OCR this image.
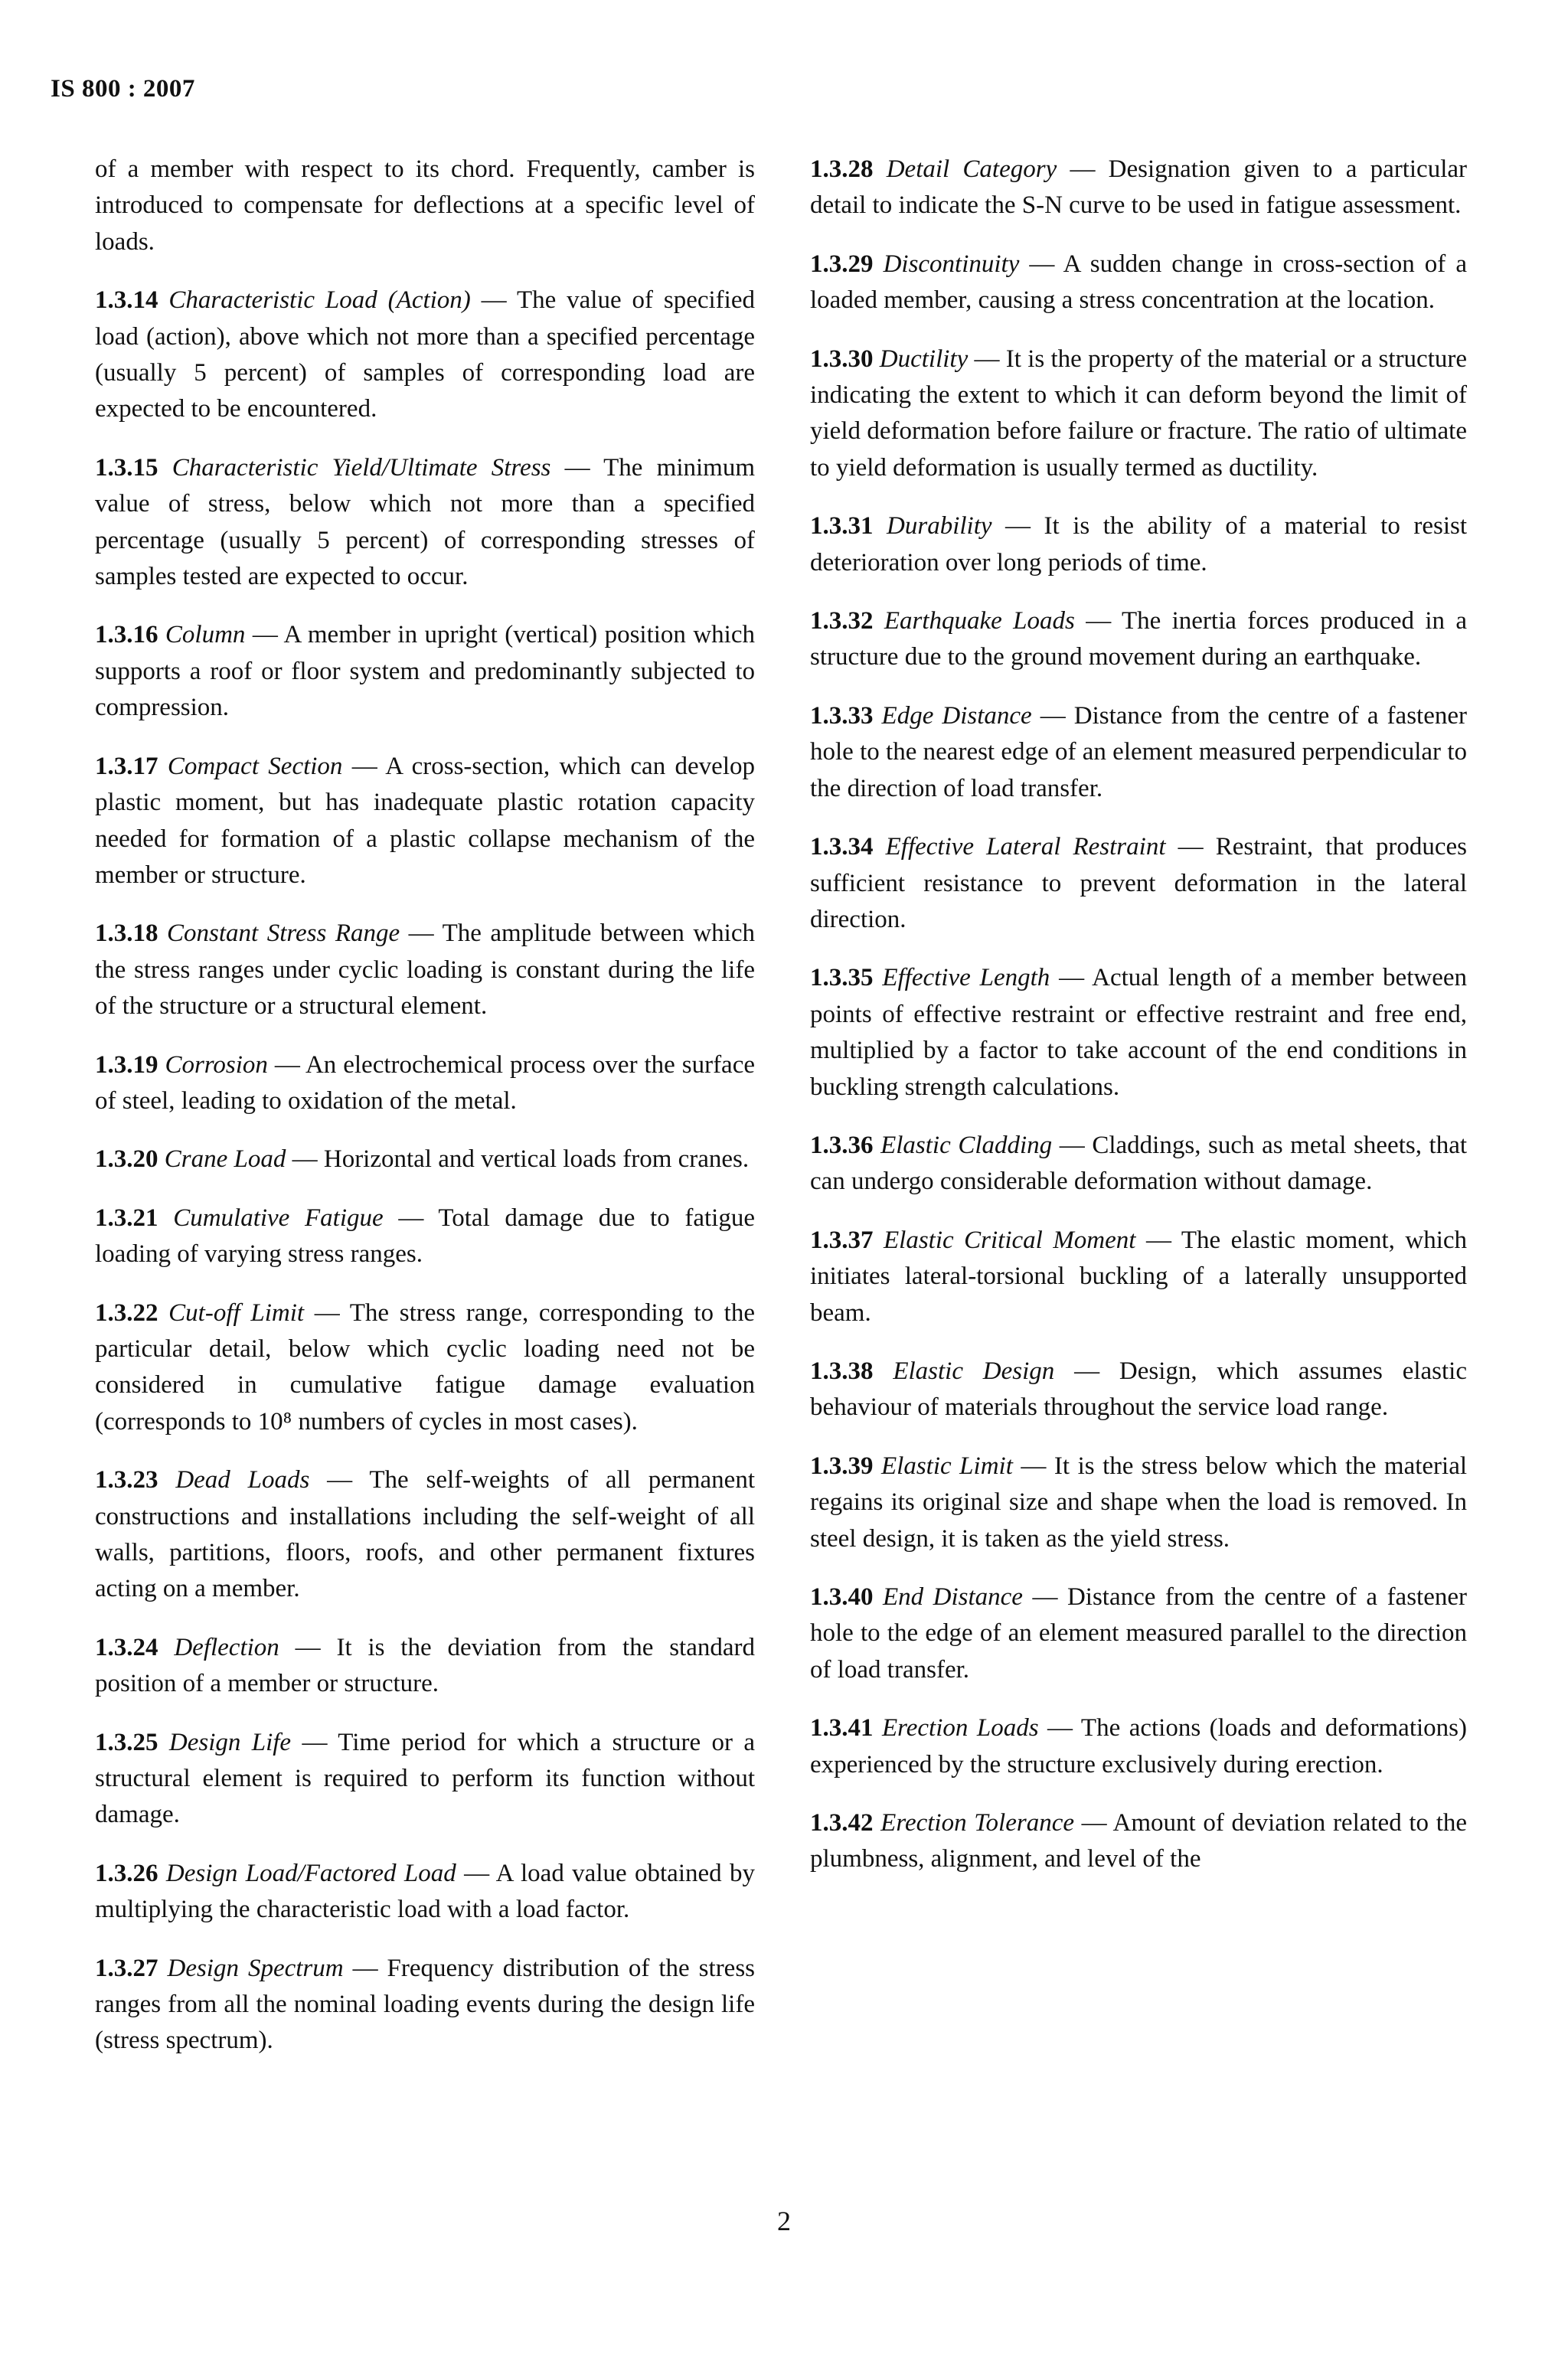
IS 800 : 2007

of a member with respect to its chord. Frequently, camber is introduced to compensate for deflections at a specific level of loads.

1.3.14 Characteristic Load (Action) — The value of specified load (action), above which not more than a specified percentage (usually 5 percent) of samples of corresponding load are expected to be encountered.

1.3.15 Characteristic Yield/Ultimate Stress — The minimum value of stress, below which not more than a specified percentage (usually 5 percent) of corresponding stresses of samples tested are expected to occur.

1.3.16 Column — A member in upright (vertical) position which supports a roof or floor system and predominantly subjected to compression.

1.3.17 Compact Section — A cross-section, which can develop plastic moment, but has inadequate plastic rotation capacity needed for formation of a plastic collapse mechanism of the member or structure.

1.3.18 Constant Stress Range — The amplitude between which the stress ranges under cyclic loading is constant during the life of the structure or a structural element.

1.3.19 Corrosion — An electrochemical process over the surface of steel, leading to oxidation of the metal.

1.3.20 Crane Load — Horizontal and vertical loads from cranes.

1.3.21 Cumulative Fatigue — Total damage due to fatigue loading of varying stress ranges.

1.3.22 Cut-off Limit — The stress range, corresponding to the particular detail, below which cyclic loading need not be considered in cumulative fatigue damage evaluation (corresponds to 10⁸ numbers of cycles in most cases).

1.3.23 Dead Loads — The self-weights of all permanent constructions and installations including the self-weight of all walls, partitions, floors, roofs, and other permanent fixtures acting on a member.

1.3.24 Deflection — It is the deviation from the standard position of a member or structure.

1.3.25 Design Life — Time period for which a structure or a structural element is required to perform its function without damage.

1.3.26 Design Load/Factored Load — A load value obtained by multiplying the characteristic load with a load factor.

1.3.27 Design Spectrum — Frequency distribution of the stress ranges from all the nominal loading events during the design life (stress spectrum).

1.3.28 Detail Category — Designation given to a particular detail to indicate the S-N curve to be used in fatigue assessment.

1.3.29 Discontinuity — A sudden change in cross-section of a loaded member, causing a stress concentration at the location.

1.3.30 Ductility — It is the property of the material or a structure indicating the extent to which it can deform beyond the limit of yield deformation before failure or fracture. The ratio of ultimate to yield deformation is usually termed as ductility.

1.3.31 Durability — It is the ability of a material to resist deterioration over long periods of time.

1.3.32 Earthquake Loads — The inertia forces produced in a structure due to the ground movement during an earthquake.

1.3.33 Edge Distance — Distance from the centre of a fastener hole to the nearest edge of an element measured perpendicular to the direction of load transfer.

1.3.34 Effective Lateral Restraint — Restraint, that produces sufficient resistance to prevent deformation in the lateral direction.

1.3.35 Effective Length — Actual length of a member between points of effective restraint or effective restraint and free end, multiplied by a factor to take account of the end conditions in buckling strength calculations.

1.3.36 Elastic Cladding — Claddings, such as metal sheets, that can undergo considerable deformation without damage.

1.3.37 Elastic Critical Moment — The elastic moment, which initiates lateral-torsional buckling of a laterally unsupported beam.

1.3.38 Elastic Design — Design, which assumes elastic behaviour of materials throughout the service load range.

1.3.39 Elastic Limit — It is the stress below which the material regains its original size and shape when the load is removed. In steel design, it is taken as the yield stress.

1.3.40 End Distance — Distance from the centre of a fastener hole to the edge of an element measured parallel to the direction of load transfer.

1.3.41 Erection Loads — The actions (loads and deformations) experienced by the structure exclusively during erection.

1.3.42 Erection Tolerance — Amount of deviation related to the plumbness, alignment, and level of the

2
